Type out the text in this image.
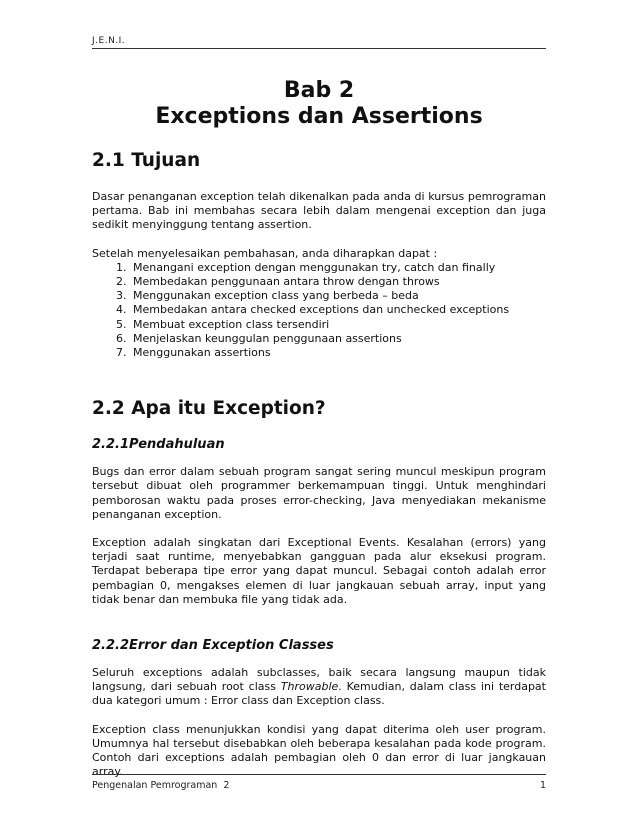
J.E.N.I.
Bab 2
Exceptions dan Assertions
2.1 Tujuan

Dasar penanganan exception telah dikenalkan pada anda di kursus pemrograman pertama. Bab ini membahas secara lebih dalam mengenai exception dan juga sedikit menyinggung tentang assertion.

Setelah menyelesaikan pembahasan, anda diharapkan dapat :

1. Menangani exception dengan menggunakan try, catch dan finally
2. Membedakan penggunaan antara throw dengan throws
3. Menggunakan exception class yang berbeda – beda
4. Membedakan antara checked exceptions dan unchecked exceptions
5. Membuat exception class tersendiri
6. Menjelaskan keunggulan penggunaan assertions
7. Menggunakan assertions
2.2 Apa itu Exception?
2.2.1Pendahuluan

Bugs dan error dalam sebuah program sangat sering muncul meskipun program tersebut dibuat oleh programmer berkemampuan tinggi. Untuk menghindari pemborosan waktu pada proses error-checking, Java menyediakan mekanisme penanganan exception.

Exception adalah singkatan dari Exceptional Events. Kesalahan (errors) yang terjadi saat runtime, menyebabkan gangguan pada alur eksekusi program. Terdapat beberapa tipe error yang dapat muncul. Sebagai contoh adalah error pembagian 0, mengakses elemen di luar jangkauan sebuah array, input yang tidak benar dan membuka file yang tidak ada.

2.2.2Error dan Exception Classes

Seluruh exceptions adalah subclasses, baik secara langsung maupun tidak langsung, dari sebuah root class Throwable. Kemudian, dalam class ini terdapat dua kategori umum : Error class dan Exception class.

Exception class menunjukkan kondisi yang dapat diterima oleh user program. Umumnya hal tersebut disebabkan oleh beberapa kesalahan pada kode program. Contoh dari exceptions adalah pembagian oleh 0 dan error di luar jangkauan array.

Pengenalan Pemrograman  2	1
